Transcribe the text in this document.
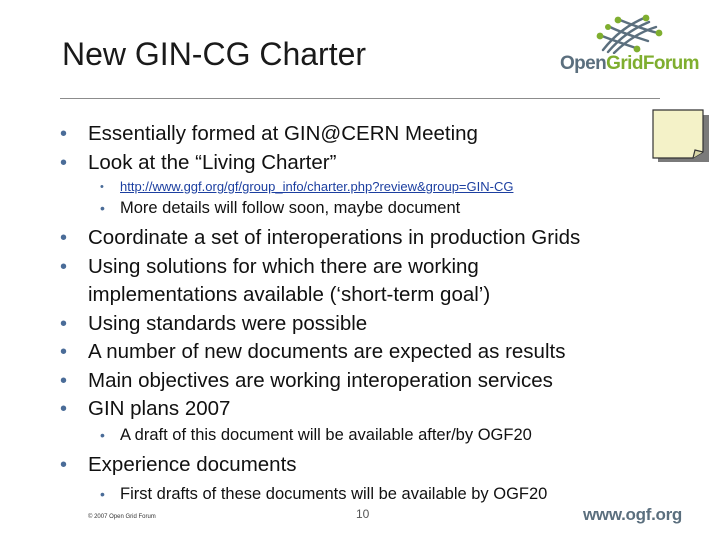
New GIN-CG Charter	OpenGridForum
• Essentially formed at GIN@CERN Meeting
• Look at the “Living Charter”
• http://www.ggf.org/gf/group_info/charter.php?review&group=GIN-CG
• More details will follow soon, maybe document
• Coordinate a set of interoperations in production Grids
• Using solutions for which there are working
implementations available (‘short-term goal’)
• Using standards were possible
• A number of new documents are expected as results
• Main objectives are working interoperation services
• GIN plans 2007
• A draft of this document will be available after/by OGF20
• Experience documents
• First drafts of these documents will be available by OGF20
© 2007 Open Grid Forum	10	www.ogf.org
